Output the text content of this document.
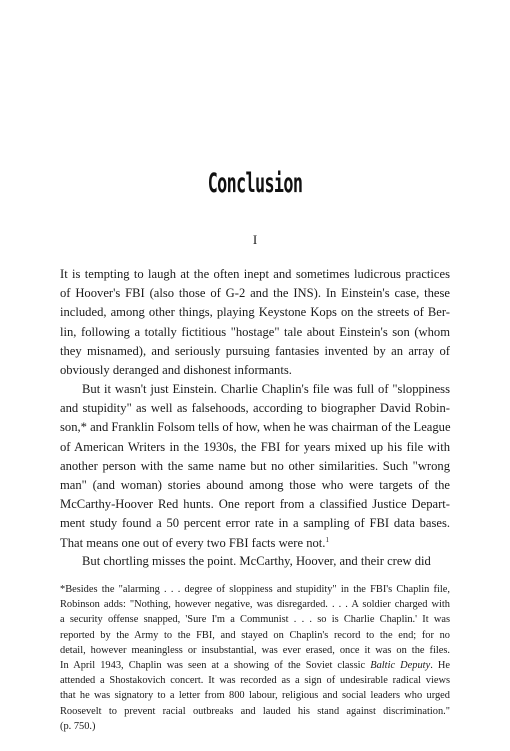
Conclusion
I
It is tempting to laugh at the often inept and sometimes ludicrous practices
of Hoover's FBI (also those of G-2 and the INS). In Einstein's case, these
included, among other things, playing Keystone Kops on the streets of Ber-
lin, following a totally fictitious "hostage" tale about Einstein's son (whom
they misnamed), and seriously pursuing fantasies invented by an array of
obviously deranged and dishonest informants.
But it wasn't just Einstein. Charlie Chaplin's file was full of "sloppiness
and stupidity" as well as falsehoods, according to biographer David Robin-
son,* and Franklin Folsom tells of how, when he was chairman of the League
of American Writers in the 1930s, the FBI for years mixed up his file with
another person with the same name but no other similarities. Such "wrong
man" (and woman) stories abound among those who were targets of the
McCarthy-Hoover Red hunts. One report from a classified Justice Depart-
ment study found a 50 percent error rate in a sampling of FBI data bases.
That means one out of every two FBI facts were not.$^1$
But chortling misses the point. McCarthy, Hoover, and their crew did
*Besides the "alarming . . . degree of sloppiness and stupidity" in the FBI's Chaplin file,
Robinson adds: "Nothing, however negative, was disregarded. . . . A soldier charged with
a security offense snapped, 'Sure I'm a Communist . . . so is Charlie Chaplin.' It was
reported by the Army to the FBI, and stayed on Chaplin's record to the end; for no
detail, however meaningless or insubstantial, was ever erased, once it was on the files.
In April 1943, Chaplin was seen at a showing of the Soviet classic Baltic Deputy. He
attended a Shostakovich concert. It was recorded as a sign of undesirable radical views
that he was signatory to a letter from 800 labour, religious and social leaders who urged
Roosevelt to prevent racial outbreaks and lauded his stand against discrimination."
(p. 750.)
